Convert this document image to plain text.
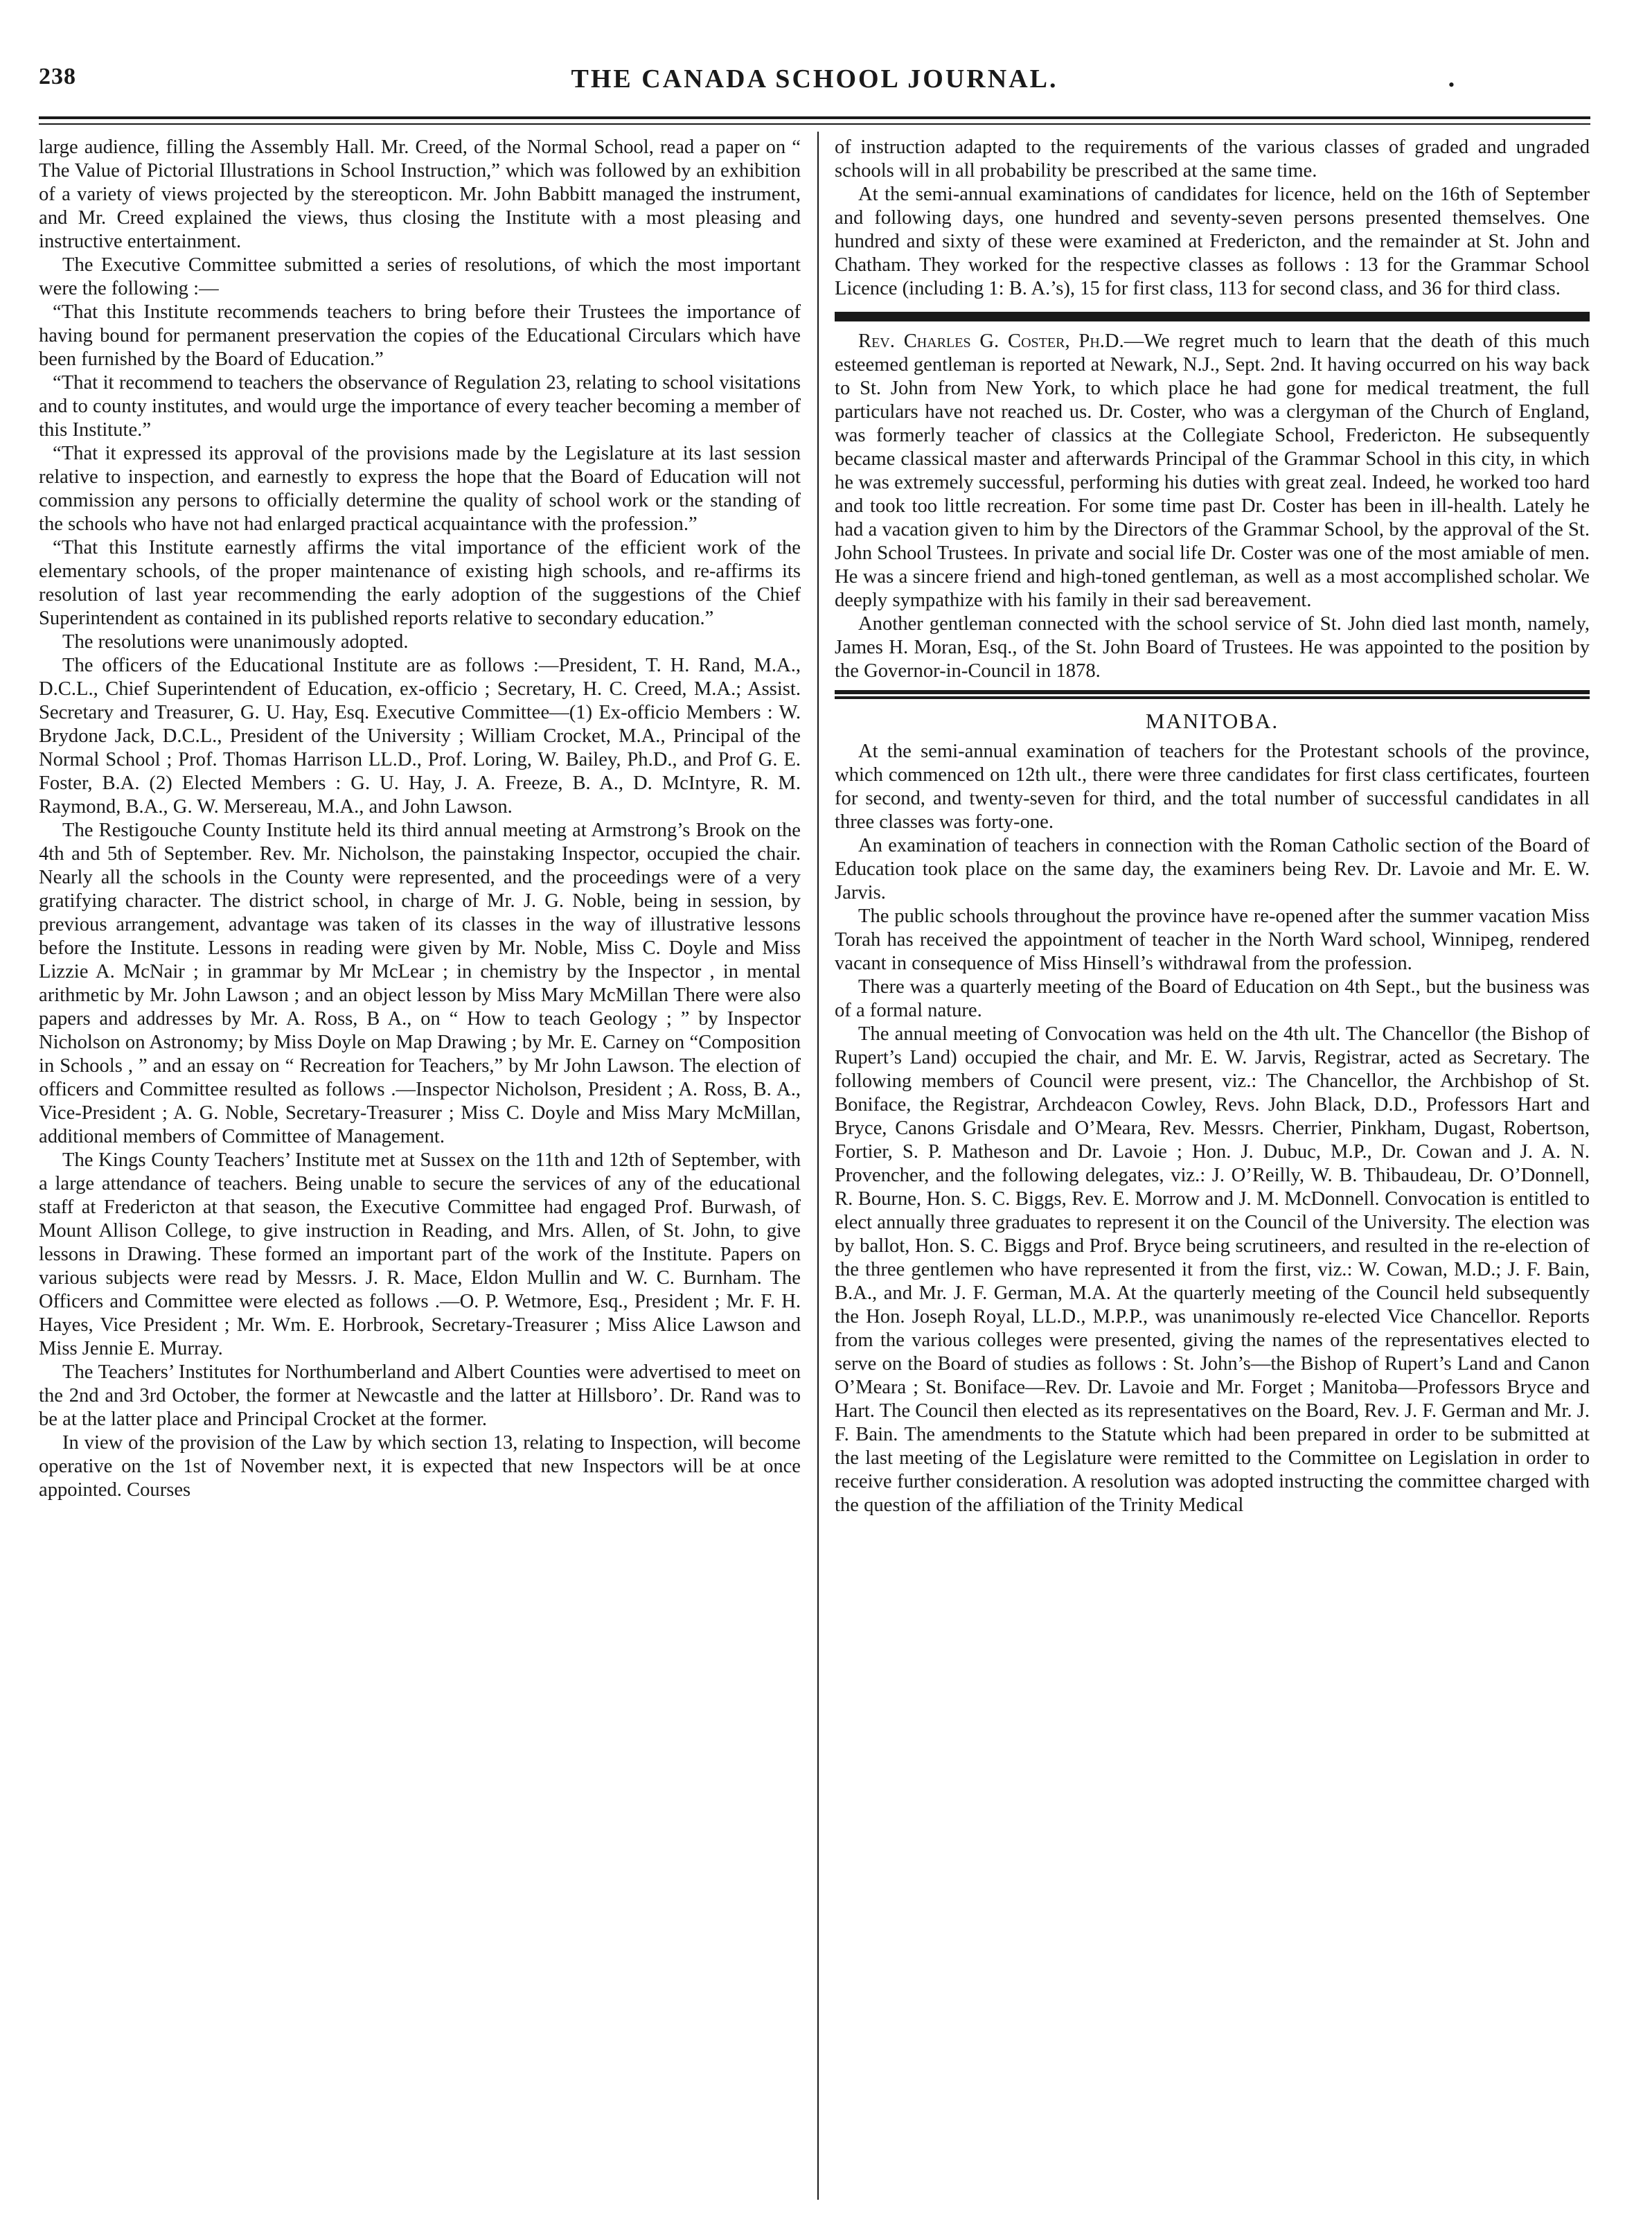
238	THE CANADA SCHOOL JOURNAL.	•

large audience, filling the Assembly Hall. Mr. Creed, of the Normal School, read a paper on “ The Value of Pictorial Illustrations in School Instruction,” which was followed by an exhibition of a variety of views projected by the stereopticon. Mr. John Babbitt managed the instrument, and Mr. Creed explained the views, thus closing the Institute with a most pleasing and instructive entertainment.

The Executive Committee submitted a series of resolutions, of which the most important were the following :—

“That this Institute recommends teachers to bring before their Trustees the importance of having bound for permanent preservation the copies of the Educational Circulars which have been furnished by the Board of Education.”

“That it recommend to teachers the observance of Regulation 23, relating to school visitations and to county institutes, and would urge the importance of every teacher becoming a member of this Institute.”

“That it expressed its approval of the provisions made by the Legislature at its last session relative to inspection, and earnestly to express the hope that the Board of Education will not commission any persons to officially determine the quality of school work or the standing of the schools who have not had enlarged practical acquaintance with the profession.”

“That this Institute earnestly affirms the vital importance of the efficient work of the elementary schools, of the proper maintenance of existing high schools, and re-affirms its resolution of last year recommending the early adoption of the suggestions of the Chief Superintendent as contained in its published reports relative to secondary education.”

The resolutions were unanimously adopted.

The officers of the Educational Institute are as follows :—President, T. H. Rand, M.A., D.C.L., Chief Superintendent of Education, ex-officio ; Secretary, H. C. Creed, M.A.; Assist. Secretary and Treasurer, G. U. Hay, Esq. Executive Committee—(1) Ex-officio Members : W. Brydone Jack, D.C.L., President of the University ; William Crocket, M.A., Principal of the Normal School ; Prof. Thomas Harrison LL.D., Prof. Loring, W. Bailey, Ph.D., and Prof G. E. Foster, B.A. (2) Elected Members : G. U. Hay, J. A. Freeze, B. A., D. McIntyre, R. M. Raymond, B.A., G. W. Mersereau, M.A., and John Lawson.

The Restigouche County Institute held its third annual meeting at Armstrong’s Brook on the 4th and 5th of September. Rev. Mr. Nicholson, the painstaking Inspector, occupied the chair. Nearly all the schools in the County were represented, and the proceedings were of a very gratifying character. The district school, in charge of Mr. J. G. Noble, being in session, by previous arrangement, advantage was taken of its classes in the way of illustrative lessons before the Institute. Lessons in reading were given by Mr. Noble, Miss C. Doyle and Miss Lizzie A. McNair ; in grammar by Mr McLear ; in chemistry by the Inspector , in mental arithmetic by Mr. John Lawson ; and an object lesson by Miss Mary McMillan There were also papers and addresses by Mr. A. Ross, B A., on “ How to teach Geology ; ” by Inspector Nicholson on Astronomy; by Miss Doyle on Map Drawing ; by Mr. E. Carney on “Composition in Schools , ” and an essay on “ Recreation for Teachers,” by Mr John Lawson. The election of officers and Committee resulted as follows .—Inspector Nicholson, President ; A. Ross, B. A., Vice-President ; A. G. Noble, Secretary-Treasurer ; Miss C. Doyle and Miss Mary McMillan, additional members of Committee of Management.

The Kings County Teachers’ Institute met at Sussex on the 11th and 12th of September, with a large attendance of teachers. Being unable to secure the services of any of the educational staff at Fredericton at that season, the Executive Committee had engaged Prof. Burwash, of Mount Allison College, to give instruction in Reading, and Mrs. Allen, of St. John, to give lessons in Drawing. These formed an important part of the work of the Institute. Papers on various subjects were read by Messrs. J. R. Mace, Eldon Mullin and W. C. Burnham. The Officers and Committee were elected as follows .—O. P. Wetmore, Esq., President ; Mr. F. H. Hayes, Vice President ; Mr. Wm. E. Horbrook, Secretary-Treasurer ; Miss Alice Lawson and Miss Jennie E. Murray.

The Teachers’ Institutes for Northumberland and Albert Counties were advertised to meet on the 2nd and 3rd October, the former at Newcastle and the latter at Hillsboro’. Dr. Rand was to be at the latter place and Principal Crocket at the former.

In view of the provision of the Law by which section 13, relating to Inspection, will become operative on the 1st of November next, it is expected that new Inspectors will be at once appointed. Courses

of instruction adapted to the requirements of the various classes of graded and ungraded schools will in all probability be prescribed at the same time.

At the semi-annual examinations of candidates for licence, held on the 16th of September and following days, one hundred and seventy-seven persons presented themselves. One hundred and sixty of these were examined at Fredericton, and the remainder at St. John and Chatham. They worked for the respective classes as follows : 13 for the Grammar School Licence (including 1: B. A.’s), 15 for first class, 113 for second class, and 36 for third class.

Rev. Charles G. Coster, Ph.D.—We regret much to learn that the death of this much esteemed gentleman is reported at Newark, N.J., Sept. 2nd. It having occurred on his way back to St. John from New York, to which place he had gone for medical treatment, the full particulars have not reached us. Dr. Coster, who was a clergyman of the Church of England, was formerly teacher of classics at the Collegiate School, Fredericton. He subsequently became classical master and afterwards Principal of the Grammar School in this city, in which he was extremely successful, performing his duties with great zeal. Indeed, he worked too hard and took too little recreation. For some time past Dr. Coster has been in ill-health. Lately he had a vacation given to him by the Directors of the Grammar School, by the approval of the St. John School Trustees. In private and social life Dr. Coster was one of the most amiable of men. He was a sincere friend and high-toned gentleman, as well as a most accomplished scholar. We deeply sympathize with his family in their sad bereavement.

Another gentleman connected with the school service of St. John died last month, namely, James H. Moran, Esq., of the St. John Board of Trustees. He was appointed to the position by the Governor-in-Council in 1878.

MANITOBA.

At the semi-annual examination of teachers for the Protestant schools of the province, which commenced on 12th ult., there were three candidates for first class certificates, fourteen for second, and twenty-seven for third, and the total number of successful candidates in all three classes was forty-one.

An examination of teachers in connection with the Roman Catholic section of the Board of Education took place on the same day, the examiners being Rev. Dr. Lavoie and Mr. E. W. Jarvis.

The public schools throughout the province have re-opened after the summer vacation Miss Torah has received the appointment of teacher in the North Ward school, Winnipeg, rendered vacant in consequence of Miss Hinsell’s withdrawal from the profession.

There was a quarterly meeting of the Board of Education on 4th Sept., but the business was of a formal nature.

The annual meeting of Convocation was held on the 4th ult. The Chancellor (the Bishop of Rupert’s Land) occupied the chair, and Mr. E. W. Jarvis, Registrar, acted as Secretary. The following members of Council were present, viz.: The Chancellor, the Archbishop of St. Boniface, the Registrar, Archdeacon Cowley, Revs. John Black, D.D., Professors Hart and Bryce, Canons Grisdale and O’Meara, Rev. Messrs. Cherrier, Pinkham, Dugast, Robertson, Fortier, S. P. Matheson and Dr. Lavoie ; Hon. J. Dubuc, M.P., Dr. Cowan and J. A. N. Provencher, and the following delegates, viz.: J. O’Reilly, W. B. Thibaudeau, Dr. O’Donnell, R. Bourne, Hon. S. C. Biggs, Rev. E. Morrow and J. M. McDonnell. Convocation is entitled to elect annually three graduates to represent it on the Council of the University. The election was by ballot, Hon. S. C. Biggs and Prof. Bryce being scrutineers, and resulted in the re-election of the three gentlemen who have represented it from the first, viz.: W. Cowan, M.D.; J. F. Bain, B.A., and Mr. J. F. German, M.A. At the quarterly meeting of the Council held subsequently the Hon. Joseph Royal, LL.D., M.P.P., was unanimously re-elected Vice Chancellor. Reports from the various colleges were presented, giving the names of the representatives elected to serve on the Board of studies as follows : St. John’s—the Bishop of Rupert’s Land and Canon O’Meara ; St. Boniface—Rev. Dr. Lavoie and Mr. Forget ; Manitoba—Professors Bryce and Hart. The Council then elected as its representatives on the Board, Rev. J. F. German and Mr. J. F. Bain. The amendments to the Statute which had been prepared in order to be submitted at the last meeting of the Legislature were remitted to the Committee on Legislation in order to receive further consideration. A resolution was adopted instructing the committee charged with the question of the affiliation of the Trinity Medical
